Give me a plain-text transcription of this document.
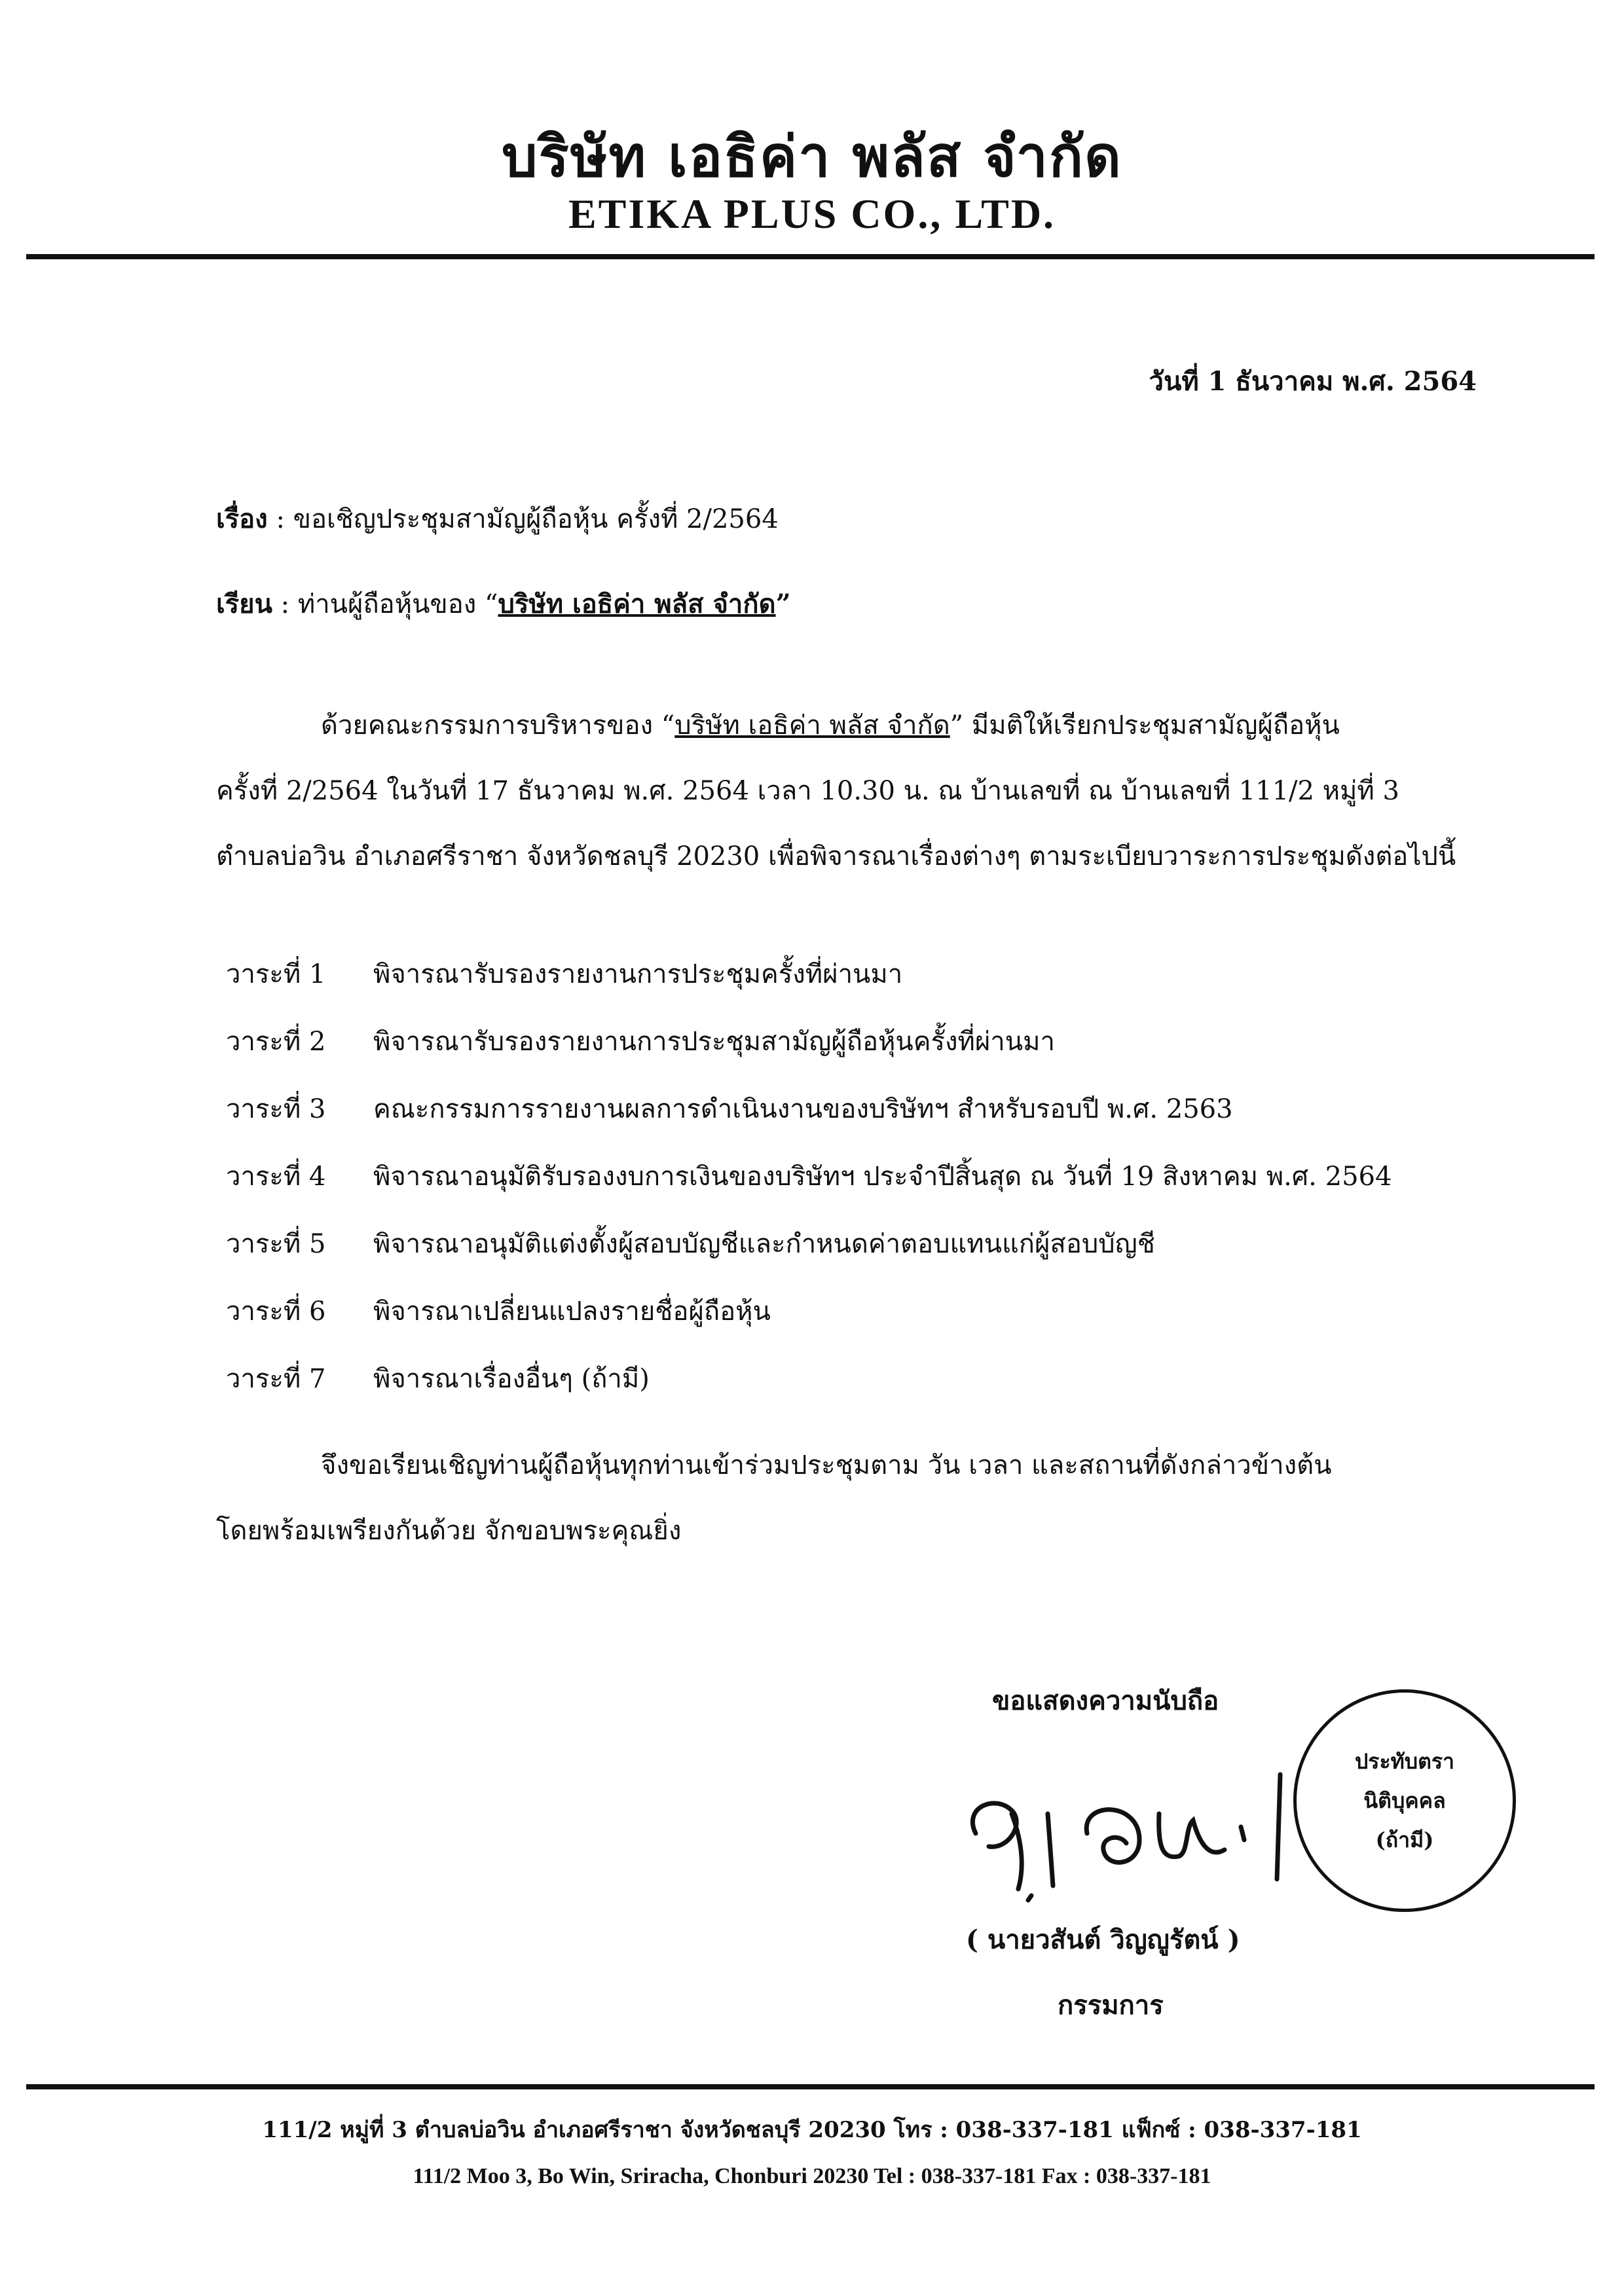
บริษัท เอธิค่า พลัส จำกัด
ETIKA PLUS CO., LTD.
วันที่ 1 ธันวาคม พ.ศ. 2564
เรื่อง : ขอเชิญประชุมสามัญผู้ถือหุ้น ครั้งที่ 2/2564
เรียน : ท่านผู้ถือหุ้นของ “บริษัท เอธิค่า พลัส จำกัด”
ด้วยคณะกรรมการบริหารของ “บริษัท เอธิค่า พลัส จำกัด” มีมติให้เรียกประชุมสามัญผู้ถือหุ้น
ครั้งที่ 2/2564 ในวันที่ 17 ธันวาคม พ.ศ. 2564 เวลา 10.30 น. ณ บ้านเลขที่ ณ บ้านเลขที่ 111/2 หมู่ที่ 3
ตำบลบ่อวิน อำเภอศรีราชา จังหวัดชลบุรี 20230 เพื่อพิจารณาเรื่องต่างๆ ตามระเบียบวาระการประชุมดังต่อไปนี้
วาระที่ 1	พิจารณารับรองรายงานการประชุมครั้งที่ผ่านมา
วาระที่ 2	พิจารณารับรองรายงานการประชุมสามัญผู้ถือหุ้นครั้งที่ผ่านมา
วาระที่ 3	คณะกรรมการรายงานผลการดำเนินงานของบริษัทฯ สำหรับรอบปี พ.ศ. 2563
วาระที่ 4	พิจารณาอนุมัติรับรองงบการเงินของบริษัทฯ ประจำปีสิ้นสุด ณ วันที่ 19 สิงหาคม พ.ศ. 2564
วาระที่ 5	พิจารณาอนุมัติแต่งตั้งผู้สอบบัญชีและกำหนดค่าตอบแทนแก่ผู้สอบบัญชี
วาระที่ 6	พิจารณาเปลี่ยนแปลงรายชื่อผู้ถือหุ้น
วาระที่ 7	พิจารณาเรื่องอื่นๆ (ถ้ามี)
จึงขอเรียนเชิญท่านผู้ถือหุ้นทุกท่านเข้าร่วมประชุมตาม วัน เวลา และสถานที่ดังกล่าวข้างต้น
โดยพร้อมเพรียงกันด้วย จักขอบพระคุณยิ่ง
ขอแสดงความนับถือ
ประทับตรา
นิติบุคคล
(ถ้ามี)
( นายวสันต์ วิญญูรัตน์ )
กรรมการ
111/2 หมู่ที่ 3 ตำบลบ่อวิน อำเภอศรีราชา จังหวัดชลบุรี 20230 โทร : 038-337-181 แฟ็กซ์ : 038-337-181
111/2 Moo 3, Bo Win, Sriracha, Chonburi 20230 Tel : 038-337-181 Fax : 038-337-181
